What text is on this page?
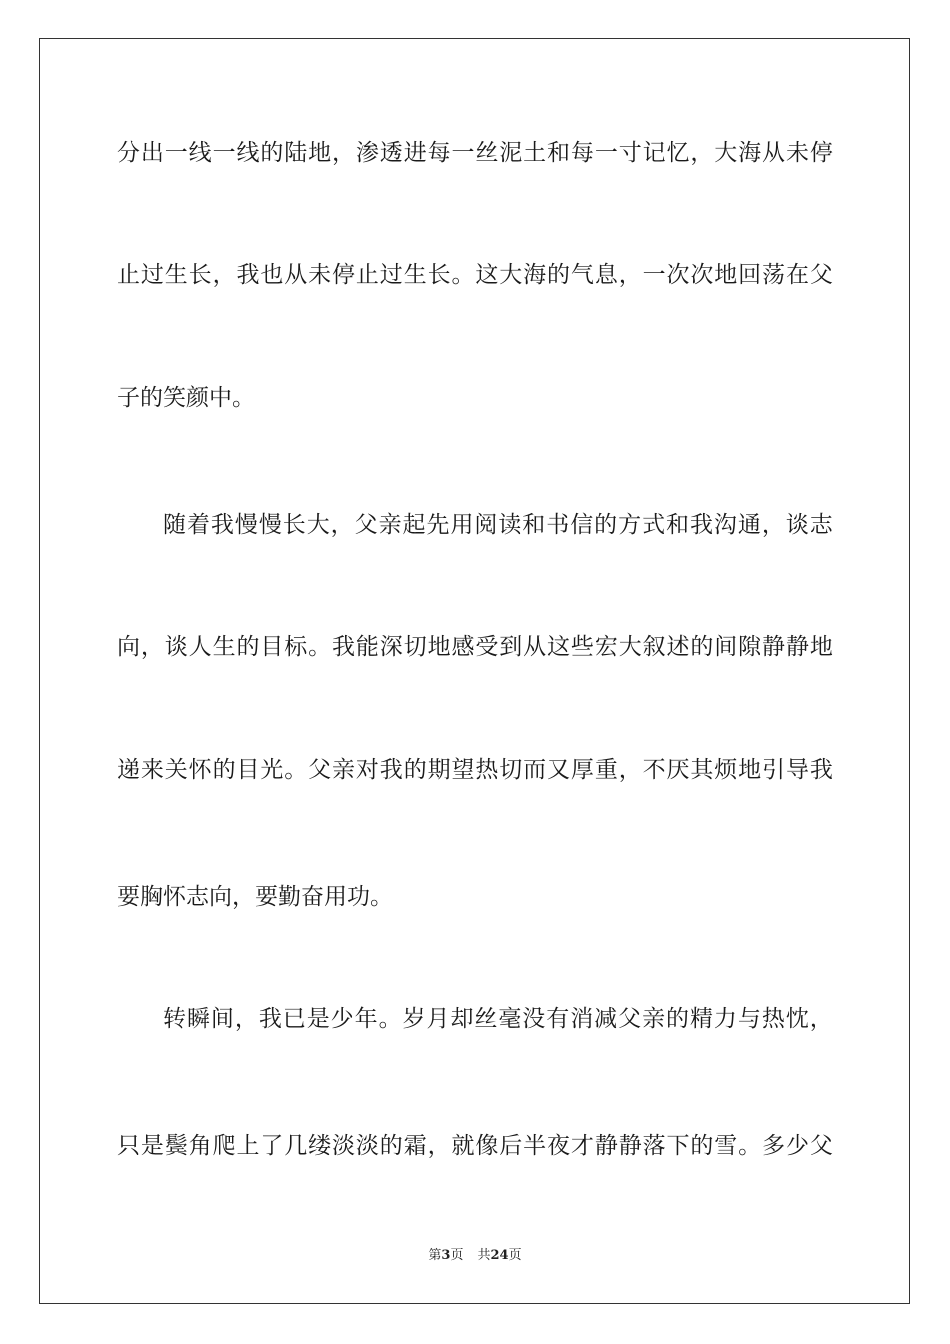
分 出 一 线 一 线 的 陆 地 ， 渗 透 进 每 一 丝 泥 土 和 每 一 寸 记 忆 ， 大 海 从 未 停
止 过 生 长 ， 我 也 从 未 停 止 过 生 长 。 这 大 海 的 气 息 ， 一 次 次 地 回 荡 在 父
子的笑颜中。
随 着 我 慢 慢 长 大 ， 父 亲 起 先 用 阅 读 和 书 信 的 方 式 和 我 沟 通 ， 谈 志
向 ， 谈 人 生 的 目 标 。 我 能 深 切 地 感 受 到 从 这 些 宏 大 叙 述 的 间 隙 静 静 地
递 来 关 怀 的 目 光 。 父 亲 对 我 的 期 望 热 切 而 又 厚 重 ， 不 厌 其 烦 地 引 导 我
要胸怀志向，要勤奋用功。
转 瞬 间 ， 我 已 是 少 年 。 岁 月 却 丝 毫 没 有 消 减 父 亲 的 精 力 与 热 忱 ，
只 是 鬓 角 爬 上 了 几 缕 淡 淡 的 霜 ， 就 像 后 半 夜 才 静 静 落 下 的 雪 。 多 少 父
第3页 共24页
